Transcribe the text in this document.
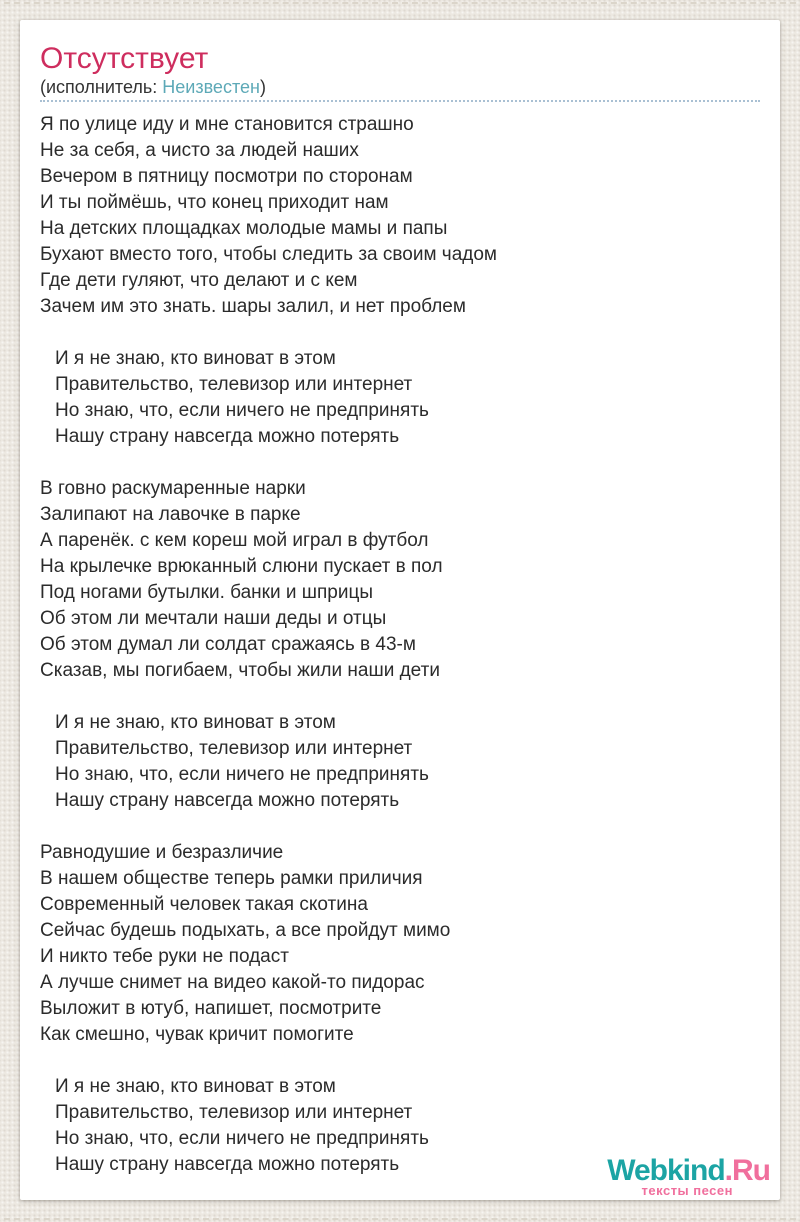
Отсутствует

(исполнитель: Неизвестен)

Я по улице иду и мне становится страшно
Не за себя, а чисто за людей наших
Вечером в пятницу посмотри по сторонам
И ты поймёшь, что конец приходит нам
На детских площадках молодые мамы и папы
Бухают вместо того, чтобы следить за своим чадом
Где дети гуляют, что делают и с кем
Зачем им это знать. шары залил, и нет проблем
И я не знаю, кто виноват в этом
Правительство, телевизор или интернет
Но знаю, что, если ничего не предпринять
Нашу страну навсегда можно потерять
В говно раскумаренные нарки
Залипают на лавочке в парке
А паренёк. с кем кореш мой играл в футбол
На крылечке врюканный слюни пускает в пол
Под ногами бутылки. банки и шприцы
Об этом ли мечтали наши деды и отцы
Об этом думал ли солдат сражаясь в 43-м
Сказав, мы погибаем, чтобы жили наши дети
И я не знаю, кто виноват в этом
Правительство, телевизор или интернет
Но знаю, что, если ничего не предпринять
Нашу страну навсегда можно потерять
Равнодушие и безразличие
В нашем обществе теперь рамки приличия
Современный человек такая скотина
Сейчас будешь подыхать, а все пройдут мимо
И никто тебе руки не подаст
А лучше снимет на видео какой-то пидорас
Выложит в ютуб, напишет, посмотрите
Как смешно, чувак кричит помогите
И я не знаю, кто виноват в этом
Правительство, телевизор или интернет
Но знаю, что, если ничего не предпринять
Нашу страну навсегда можно потерять	Webkind.Ru
тексты песен
